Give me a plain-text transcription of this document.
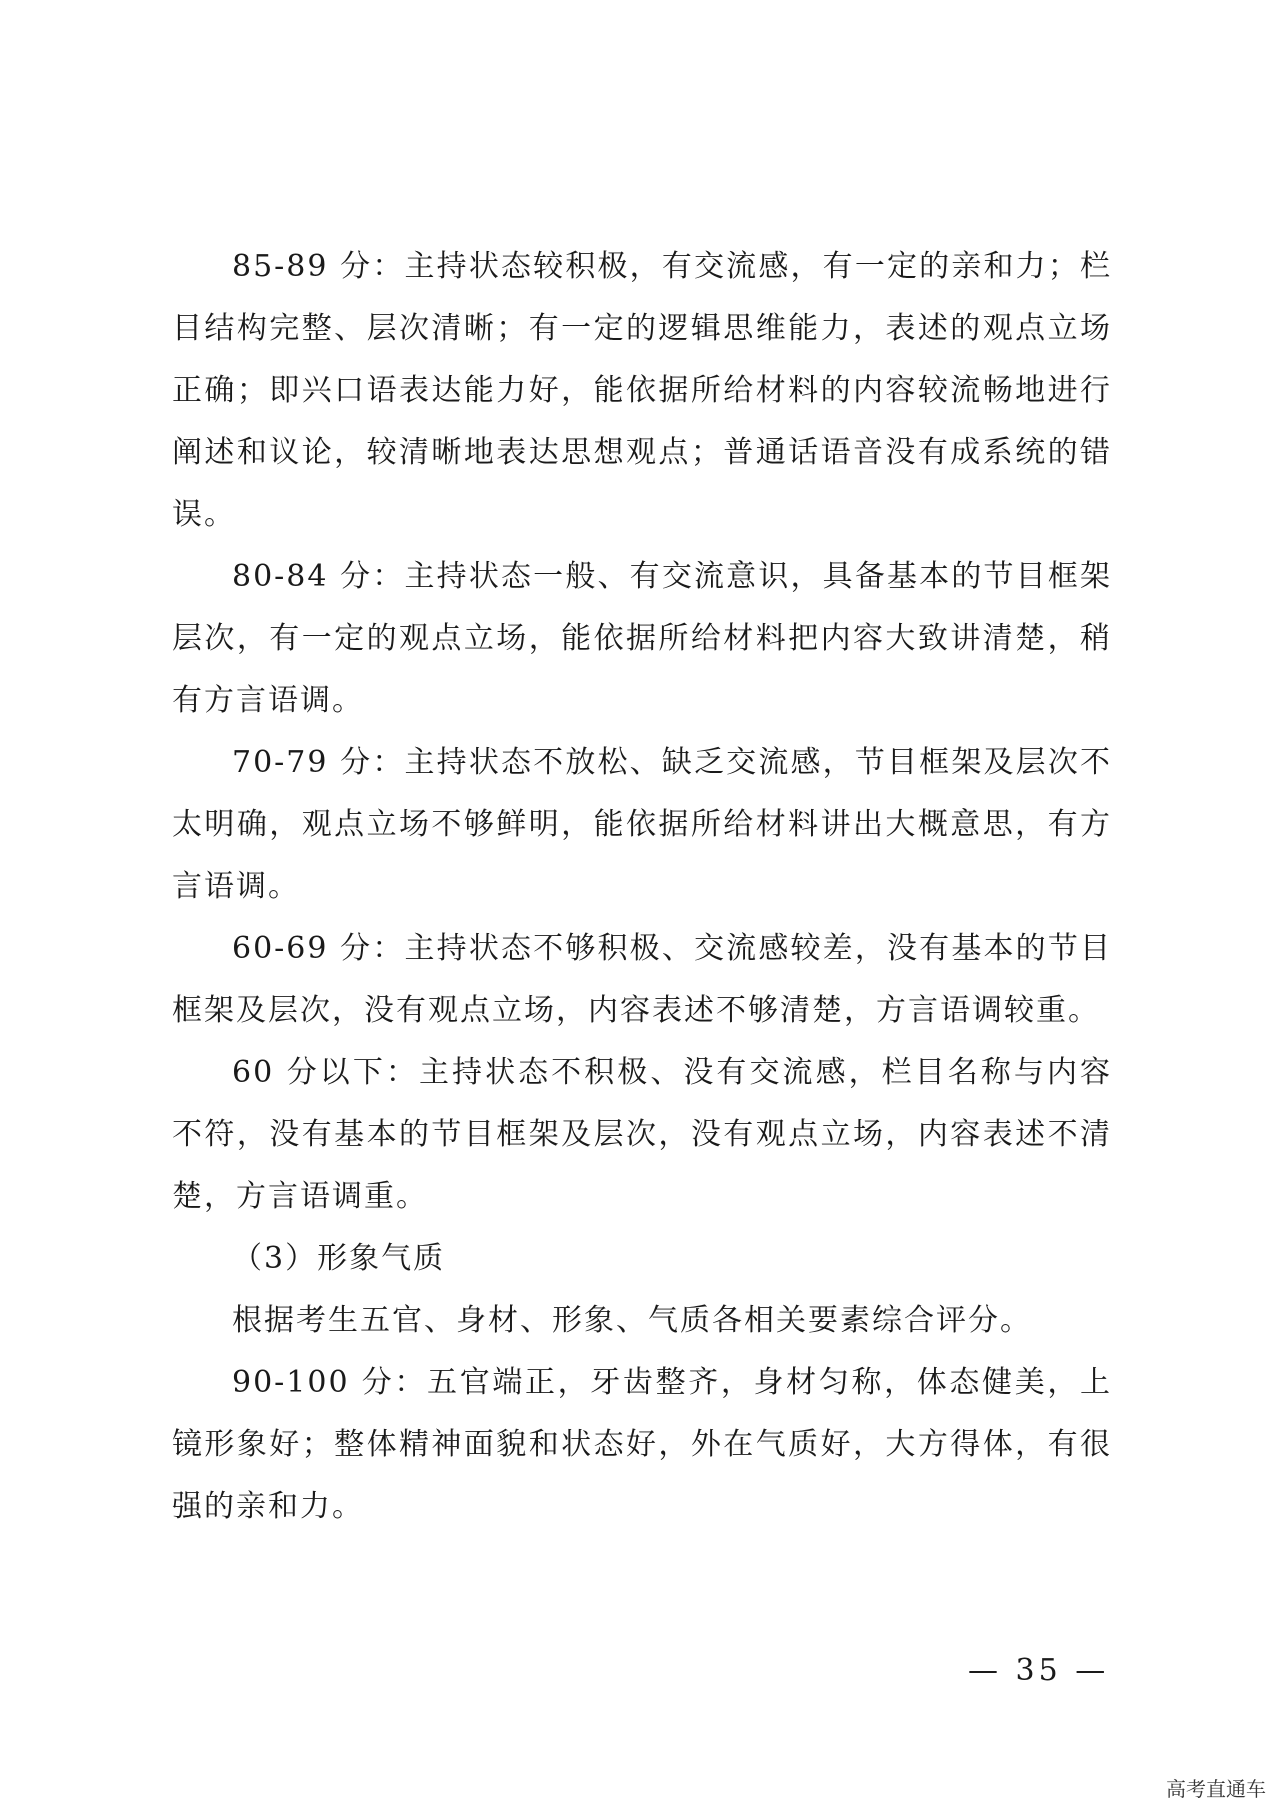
85-89 分：主持状态较积极，有交流感，有一定的亲和力；栏目结构完整、层次清晰；有一定的逻辑思维能力，表述的观点立场正确；即兴口语表达能力好，能依据所给材料的内容较流畅地进行阐述和议论，较清晰地表达思想观点；普通话语音没有成系统的错误。

80-84 分：主持状态一般、有交流意识，具备基本的节目框架层次，有一定的观点立场，能依据所给材料把内容大致讲清楚，稍有方言语调。

70-79 分：主持状态不放松、缺乏交流感，节目框架及层次不太明确，观点立场不够鲜明，能依据所给材料讲出大概意思，有方言语调。

60-69 分：主持状态不够积极、交流感较差，没有基本的节目框架及层次，没有观点立场，内容表述不够清楚，方言语调较重。

60 分以下：主持状态不积极、没有交流感，栏目名称与内容不符，没有基本的节目框架及层次，没有观点立场，内容表述不清楚，方言语调重。

（3）形象气质

根据考生五官、身材、形象、气质各相关要素综合评分。

90-100 分：五官端正，牙齿整齐，身材匀称，体态健美，上镜形象好；整体精神面貌和状态好，外在气质好，大方得体，有很强的亲和力。

— 35 —
高考直通车
